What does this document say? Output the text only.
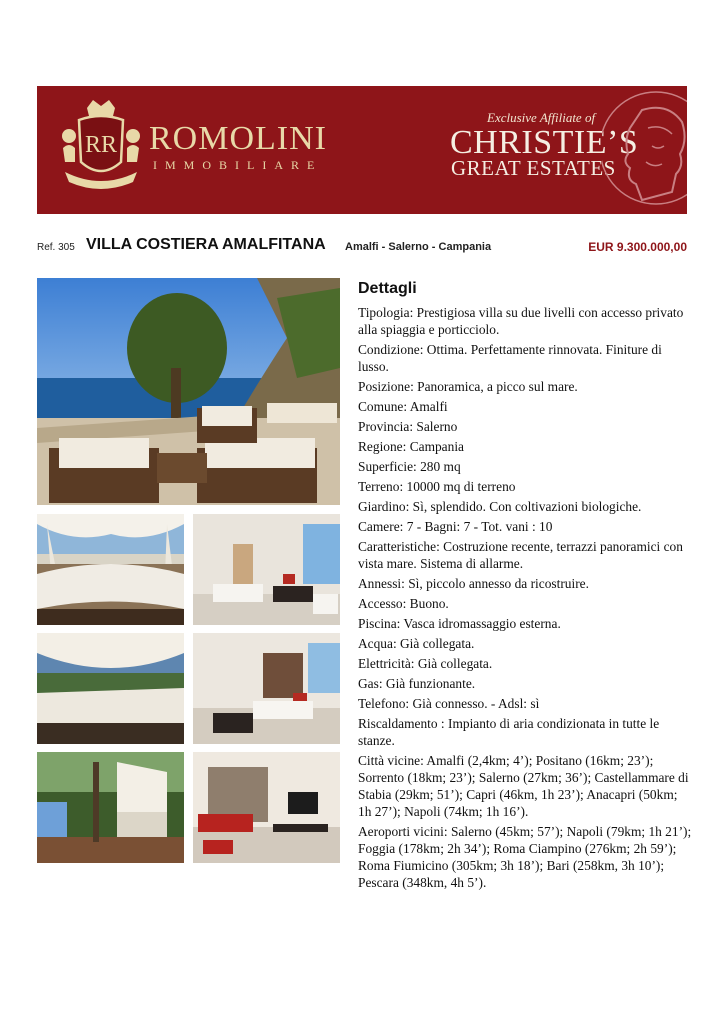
RR ROMOLINI
IMMOBILIARE
Exclusive Affiliate of
CHRISTIE’S
GREAT ESTATES
Ref. 305 VILLA COSTIERA AMALFITANA Amalfi - Salerno - Campania	EUR 9.300.000,00
Dettagli

Tipologia: Prestigiosa villa su due livelli con accesso privato alla spiaggia e porticciolo.

Condizione: Ottima. Perfettamente rinnovata. Finiture di lusso.

Posizione: Panoramica, a picco sul mare.

Comune: Amalfi

Provincia: Salerno

Regione: Campania

Superficie: 280 mq

Terreno: 10000 mq di terreno

Giardino: Sì, splendido. Con coltivazioni biologiche.

Camere: 7 - Bagni: 7 - Tot. vani : 10

Caratteristiche: Costruzione recente, terrazzi panoramici con vista mare. Sistema di allarme.

Annessi: Sì, piccolo annesso da ricostruire.

Accesso: Buono.

Piscina: Vasca idromassaggio esterna.

Acqua: Già collegata.

Elettricità: Già collegata.

Gas: Già funzionante.

Telefono: Già connesso. - Adsl: sì

Riscaldamento : Impianto di aria condizionata in tutte le stanze.

Città vicine: Amalfi (2,4km; 4’); Positano (16km; 23’); Sorrento (18km; 23’); Salerno (27km; 36’); Castellammare di Stabia (29km; 51’); Capri (46km, 1h 23’); Anacapri (50km; 1h 27’); Napoli (74km; 1h 16’).

Aeroporti vicini: Salerno (45km; 57’); Napoli (79km; 1h 21’); Foggia (178km; 2h 34’); Roma Ciampino (276km; 2h 59’); Roma Fiumicino (305km; 3h 18’); Bari (258km, 3h 10’); Pescara (348km, 4h 5’).
